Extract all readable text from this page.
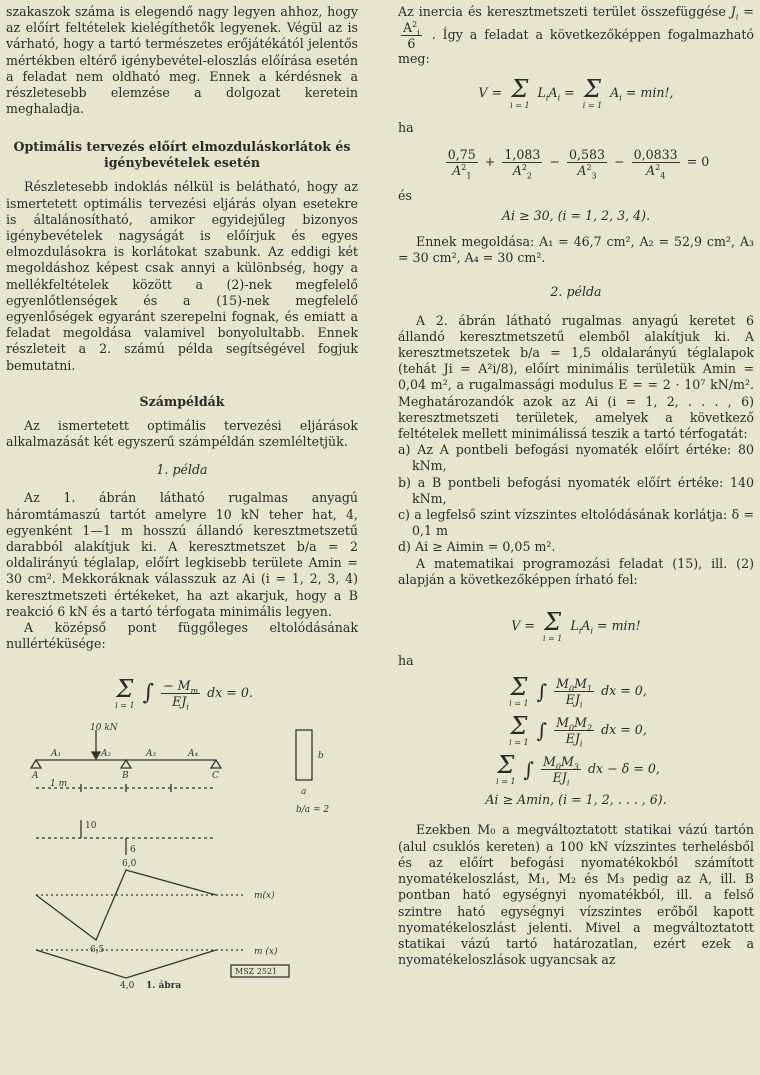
szakaszok száma is elegendő nagy legyen ahhoz, hogy az előírt feltételek kielégíthetők legyenek. Végül az is várható, hogy a tartó természetes erőjátékától jelentős mértékben eltérő igénybevétel-eloszlás előírása esetén a feladat nem oldható meg. Ennek a kérdésnek a részletesebb elemzése a dolgozat keretein meghaladja.

Optimális tervezés előírt elmozduláskorlátok és igénybevételek esetén

Részletesebb indoklás nélkül is belátható, hogy az ismertetett optimális tervezési eljárás olyan esetekre is általánosítható, amikor egyidejűleg bizonyos igénybevételek nagyságát is előírjuk és egyes elmozdulásokra is korlátokat szabunk. Az eddigi két megoldáshoz képest csak annyi a különbség, hogy a mellékfeltételek között a (2)-nek megfelelő egyenlőtlenségek és a (15)-nek megfelelő egyenlőségek egyaránt szerepelni fognak, és emiatt a feladat megoldása valamivel bonyolultabb. Ennek részleteit a 2. számú példa segítségével fogjuk bemutatni.

Számpéldák

Az ismertetett optimális tervezési eljárások alkalmazását két egyszerű számpéldán szemléltetjük.

1. példa

Az 1. ábrán látható rugalmas anyagú háromtámaszú tartót amelyre 10 kN teher hat, 4, egyenként 1—1 m hosszú állandó keresztmetszetű darabból alakítjuk ki. A keresztmetszet b/a = 2 oldalirányú téglalap, előírt legkisebb területe Amin = 30 cm². Mekkoráknak válasszuk az Ai (i = 1, 2, 3, 4) keresztmetszeti értékeket, ha azt akarjuk, hogy a B reakció 6 kN és a tartó térfogata minimális legyen.

A középső pont függőleges eltolódásának nullértéküsége:

Σ
i = 1
∫ $\frac{- M_m}{EJ_i}$ dx = 0.
10 kN
A₁	A₂	A₃	A₄
A	B	C
1 m
b
a
b/a = 2
10
6
6,0
6,5
m(x)
m (x)
4,0
MSZ 2521
1. ábra

Az inercia és keresztmetszeti terület összefüggése $J_i$ =
$\frac{A^2_i}{6}$ . Így a feladat a következőképpen fogalmazható meg:

V = Σ
i = 1
$L_iA_i = \Sigma$
i = 1
$A_i = \min$!,

ha

$\frac{0,75}{A^2_1} + \frac{1,083}{A^2_2} - \frac{0,583}{A^2_3} - \frac{0,0833}{A^2_4} = 0$

és

Ai ≥ 30, (i = 1, 2, 3, 4).

Ennek megoldása: A₁ = 46,7 cm², A₂ = 52,9 cm², A₃ = 30 cm², A₄ = 30 cm².

2. példa

A 2. ábrán látható rugalmas anyagú keretet 6 állandó keresztmetszetű elemből alakítjuk ki. A keresztmetszetek b/a = 1,5 oldalarányú téglalapok (tehát Ji = A²i/8), előírt minimális területük Amin = 0,04 m², a rugalmassági modulus E = = 2 · 10⁷ kN/m². Meghatározandók azok az Ai (i = 1, 2, . . . , 6) keresztmetszeti területek, amelyek a következő feltételek mellett minimálissá teszik a tartó térfogatát:

a) Az A pontbeli befogási nyomaték előírt értéke: 80 kNm,

b) a B pontbeli befogási nyomaték előírt értéke: 140 kNm,

c) a legfelső szint vízszintes eltolódásának korlátja: δ = 0,1 m

d) Ai ≥ Aimin = 0,05 m².

A matematikai programozási feladat (15), ill. (2) alapján a következőképpen írható fel:

V = Σ
i = 1
$L_iA_i = \min$!

ha

Σ
i = 1
∫ $\frac{M_0M_1}{EJ_i}$ dx = 0,
Σ
i = 1
∫ $\frac{M_0M_2}{EJ_i}$ dx = 0,
Σ
i = 1
∫ $\frac{M_0M_3}{EJ_i}$ dx − δ = 0,

Ai ≥ Amin, (i = 1, 2, . . . , 6).

Ezekben M₀ a megváltoztatott statikai vázú tartón (alul csuklós kereten) a 100 kN vízszintes terhelésből és az előírt befogási nyomatékokból számított nyomatékeloszlást, M₁, M₂ és M₃ pedig az A, ill. B pontban ható egységnyi nyomatékból, ill. a felső szintre ható egységnyi vízszintes erőből kapott nyomatékeloszlást jelenti. Mivel a megváltoztatott statikai vázú tartó határozatlan, ezért ezek a nyomatékeloszlások ugyancsak az
